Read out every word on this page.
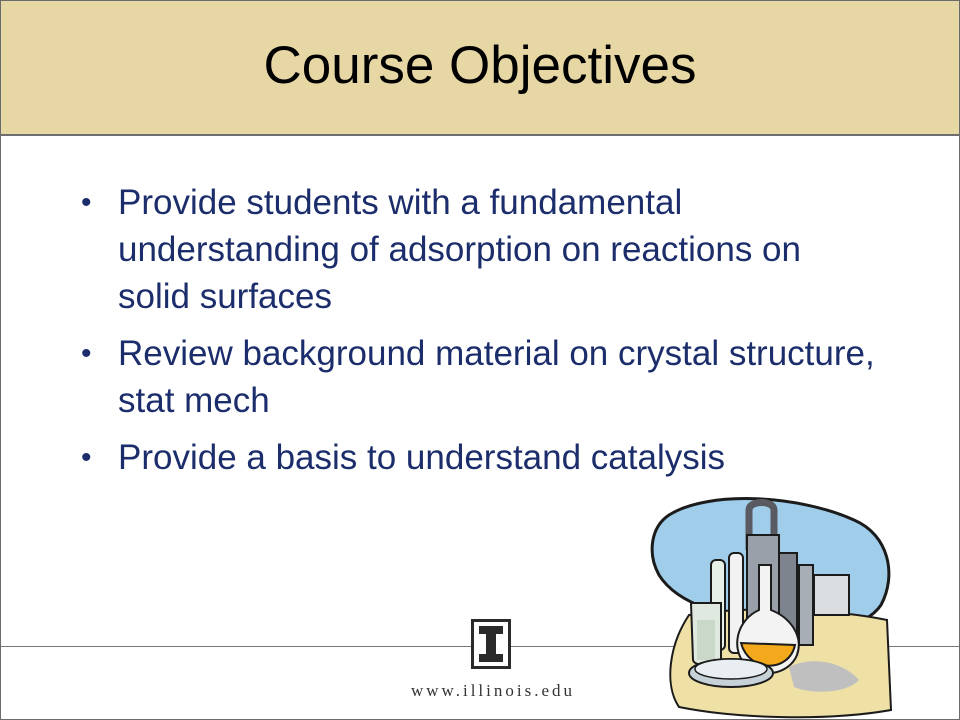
Course Objectives
• Provide students with a fundamental understanding of adsorption on reactions on solid surfaces
• Review background material on crystal structure, stat mech
• Provide a basis to understand catalysis
www.illinois.edu
